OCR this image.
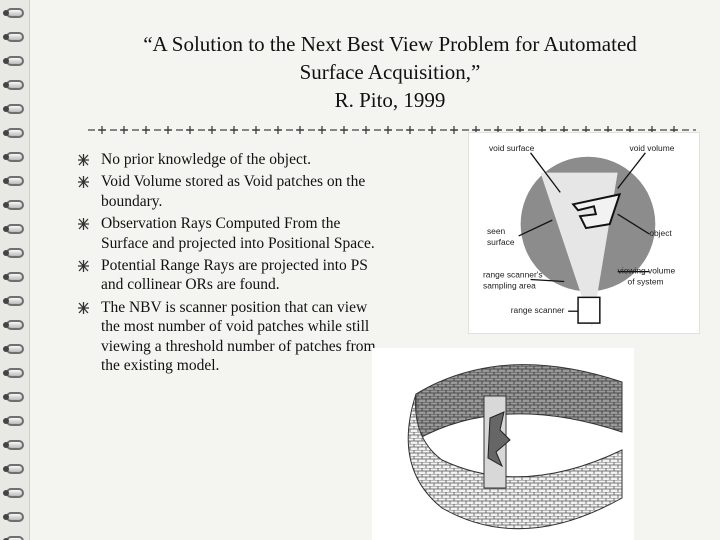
“A Solution to the Next Best View Problem for Automated
Surface Acquisition,”
R. Pito, 1999
No prior knowledge of the object.
Void Volume stored as Void patches on the boundary.
Observation Rays Computed From the Surface and projected into Positional Space.
Potential Range Rays are projected into PS and collinear ORs are found.
The NBV is scanner position that can view the most number of void patches while still viewing a threshold number of patches from the existing model.
void surface	void volume
seen
surface
object
range scanner's
sampling area
viewing volume
of system
range scanner
